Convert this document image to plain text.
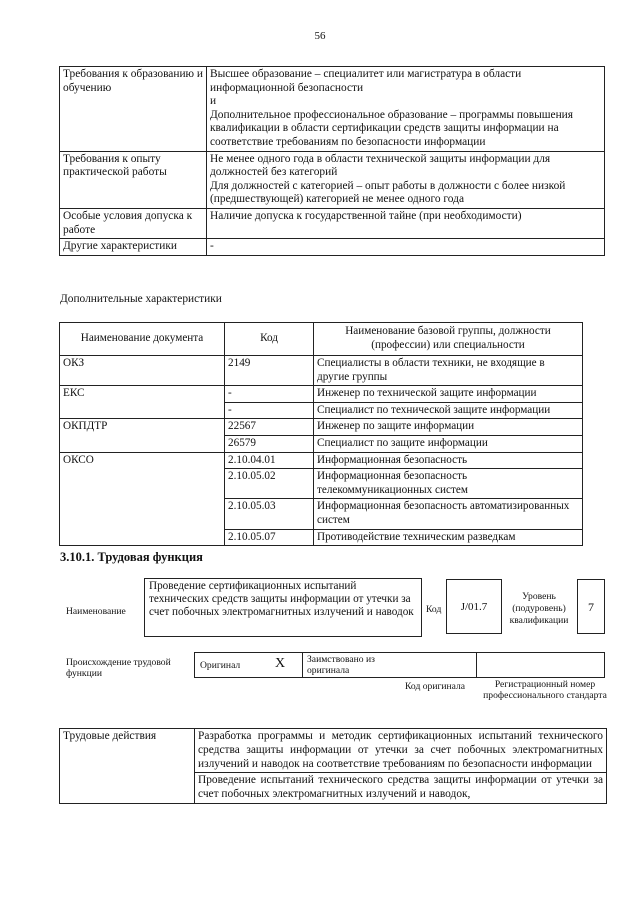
56
Требования к образованию и обучению	Высшее образование – специалитет или магистратура в области информационной безопасности
и
Дополнительное профессиональное образование – программы повышения квалификации в области сертификации средств защиты информации на соответствие требованиям по безопасности информации

Требования к опыту практической работы	Не менее одного года в области технической защиты информации для должностей без категорий
Для должностей с категорией – опыт работы в должности с более низкой (предшествующей) категорией не менее одного года

Особые условия допуска к работе	Наличие допуска к государственной тайне (при необходимости)
Другие характеристики	-
Дополнительные характеристики
Наименование документа	Код	Наименование базовой группы, должности (профессии) или специальности
ОКЗ	2149	Специалисты в области техники, не входящие в другие группы
ЕКС	-	Инженер по технической защите информации
	-	Специалист по технической защите информации
ОКПДТР	22567	Инженер по защите информации
	26579	Специалист по защите информации
ОКСО	2.10.04.01	Информационная безопасность
	2.10.05.02	Информационная безопасность телекоммуникационных систем
	2.10.05.03	Информационная безопасность автоматизированных систем
	2.10.05.07	Противодействие техническим разведкам
3.10.1. Трудовая функция
Наименование
Проведение сертификационных испытаний технических средств защиты информации от утечки за счет побочных электромагнитных излучений и наводок	Код	J/01.7
Уровень (подуровень) квалификации
7
Происхождение трудовой функции
Оригинал X Заимствовано из оригинала
Код оригинала	Регистрационный номер профессионального стандарта
Трудовые действия	Разработка программы и методик сертификационных испытаний технического средства защиты информации от утечки за счет побочных электромагнитных излучений и наводок на соответствие требованиям по безопасности информации
Проведение испытаний технического средства защиты информации от утечки за счет побочных электромагнитных излучений и наводок,
